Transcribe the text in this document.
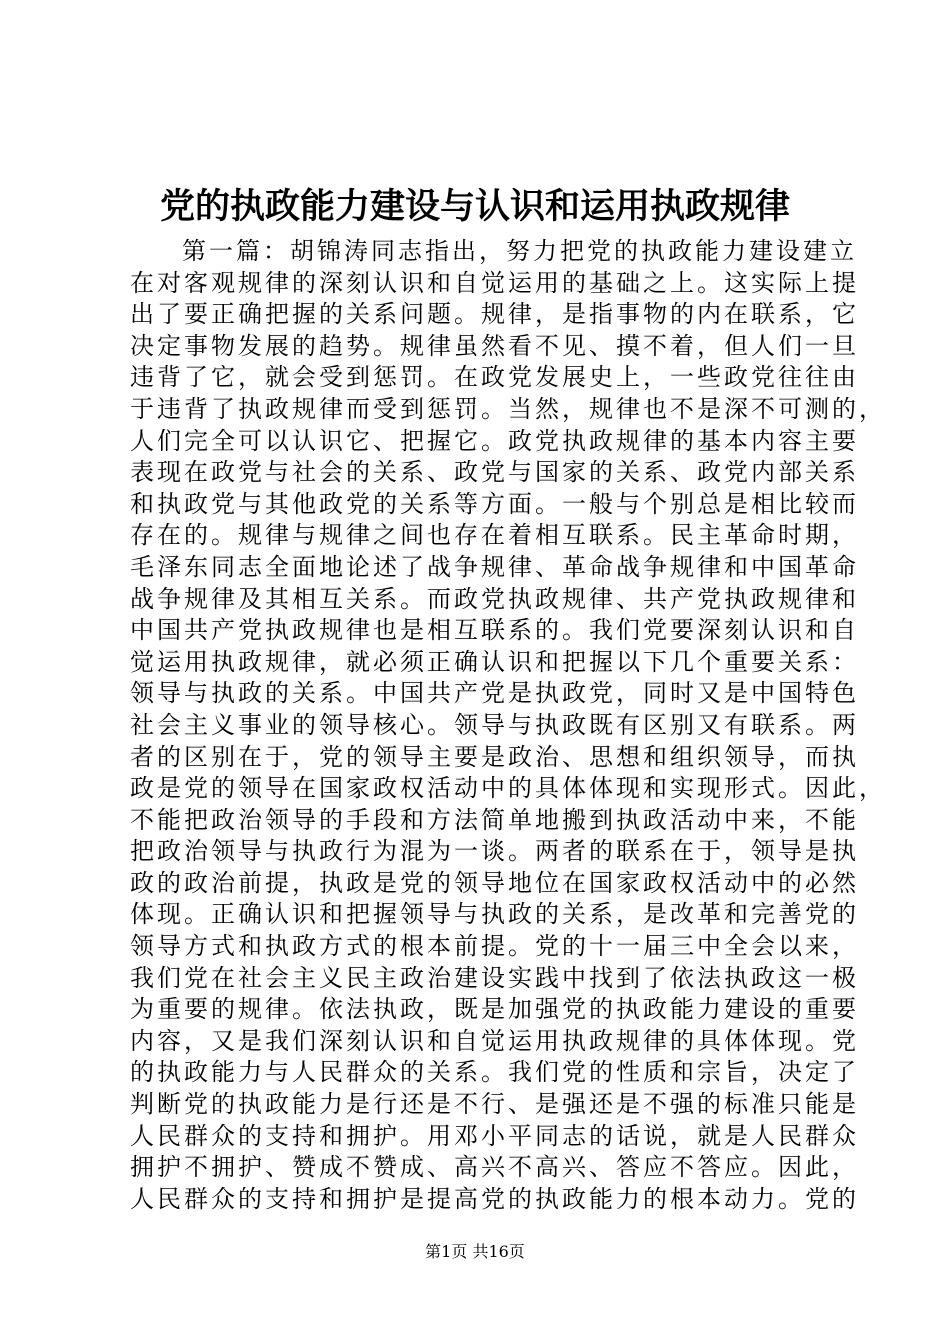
党的执政能力建设与认识和运用执政规律
第一篇：胡锦涛同志指出，努力把党的执政能力建设建立
在对客观规律的深刻认识和自觉运用的基础之上。这实际上提
出了要正确把握的关系问题。规律，是指事物的内在联系，它
决定事物发展的趋势。规律虽然看不见、摸不着，但人们一旦
违背了它，就会受到惩罚。在政党发展史上，一些政党往往由
于违背了执政规律而受到惩罚。当然，规律也不是深不可测的，
人们完全可以认识它、把握它。政党执政规律的基本内容主要
表现在政党与社会的关系、政党与国家的关系、政党内部关系
和执政党与其他政党的关系等方面。一般与个别总是相比较而
存在的。规律与规律之间也存在着相互联系。民主革命时期，
毛泽东同志全面地论述了战争规律、革命战争规律和中国革命
战争规律及其相互关系。而政党执政规律、共产党执政规律和
中国共产党执政规律也是相互联系的。我们党要深刻认识和自
觉运用执政规律，就必须正确认识和把握以下几个重要关系：
领导与执政的关系。中国共产党是执政党，同时又是中国特色
社会主义事业的领导核心。领导与执政既有区别又有联系。两
者的区别在于，党的领导主要是政治、思想和组织领导，而执
政是党的领导在国家政权活动中的具体体现和实现形式。因此，
不能把政治领导的手段和方法简单地搬到执政活动中来，不能
把政治领导与执政行为混为一谈。两者的联系在于，领导是执
政的政治前提，执政是党的领导地位在国家政权活动中的必然
体现。正确认识和把握领导与执政的关系，是改革和完善党的
领导方式和执政方式的根本前提。党的十一届三中全会以来，
我们党在社会主义民主政治建设实践中找到了依法执政这一极
为重要的规律。依法执政，既是加强党的执政能力建设的重要
内容，又是我们深刻认识和自觉运用执政规律的具体体现。党
的执政能力与人民群众的关系。我们党的性质和宗旨，决定了
判断党的执政能力是行还是不行、是强还是不强的标准只能是
人民群众的支持和拥护。用邓小平同志的话说，就是人民群众
拥护不拥护、赞成不赞成、高兴不高兴、答应不答应。因此，
人民群众的支持和拥护是提高党的执政能力的根本动力。党的
第1页 共16页
